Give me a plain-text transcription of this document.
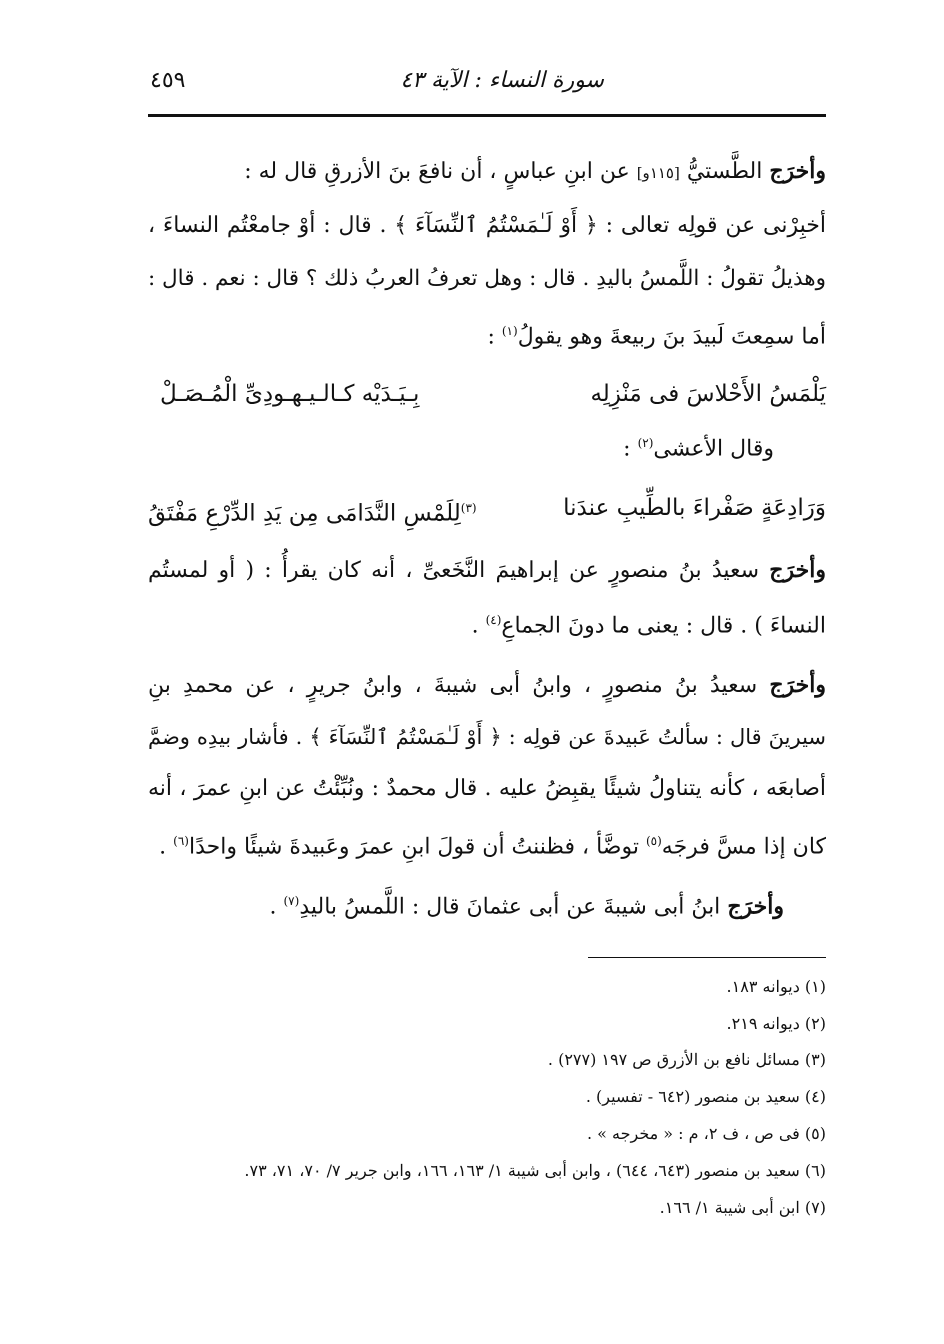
سورة النساء : الآية ٤٣
٤٥٩
وأخرَج الطَّستيُّ [١١٥و] عن ابنِ عباسٍ ، أن نافعَ بنَ الأزرقِ قال له :
أخبِرْنى عن قولِه تعالى : ﴿ أَوْ لَـٰمَسْتُمُ ٱلنِّسَآءَ ﴾ . قال : أوْ جامعْتُم النساءَ ،
وهذيلُ تقولُ : اللَّمسُ باليدِ . قال : وهل تعرفُ العربُ ذلك ؟ قال : نعم . قال :
أما سمِعتَ لَبيدَ بنَ ربيعةَ وهو يقولُ$^{(١)}$ :
يَلْمَسُ الأَحْلاسَ فى مَنْزِلِه
بِـيَـدَيْه كـالـيـهـودِىِّ الْمُـصَـلْ
وقال الأعشى$^{(٢)}$ :
وَرَادِعَةٍ صَفْراءَ بالطِّيبِ عندَنا
$^{(٣)}$لِلَمْسِ النَّدَامَى مِن يَدِ الدِّرْعِ مَفْتَقُ
وأخرَج سعيدُ بنُ منصورٍ عن إبراهيمَ النَّخَعىِّ ، أنه كان يقرأُ : ( أو لمستُم
النساءَ ) . قال : يعنى ما دونَ الجماعِ$^{(٤)}$ .
وأخرَج سعيدُ بنُ منصورٍ ، وابنُ أبى شيبةَ ، وابنُ جريرٍ ، عن محمدِ بنِ
سيرينَ قال : سألتُ عَبيدةَ عن قولِه : ﴿ أَوْ لَـٰمَسْتُمُ ٱلنِّسَآءَ ﴾ . فأشار بيدِه وضمَّ
أصابعَه ، كأنه يتناولُ شيئًا يقبِضُ عليه . قال محمدٌ : ونُبِّئْتُ عن ابنِ عمرَ ، أنه
كان إذا مسَّ فرجَه$^{(٥)}$ توضَّأ ، فظننتُ أن قولَ ابنِ عمرَ وعَبيدةَ شيئًا واحدًا$^{(٦)}$ .
وأخرَج ابنُ أبى شيبةَ عن أبى عثمانَ قال : اللَّمسُ باليدِ$^{(٧)}$ .
(١) ديوانه ١٨٣.
(٢) ديوانه ٢١٩.
(٣) مسائل نافع بن الأزرق ص ١٩٧ (٢٧٧) .
(٤) سعيد بن منصور (٦٤٢ - تفسير) .
(٥) فى ص ، ف ٢، م : « مخرجه » .
(٦) سعيد بن منصور (٦٤٣، ٦٤٤) ، وابن أبى شيبة ١/ ١٦٣، ١٦٦، وابن جرير ٧/ ٧٠، ٧١، ٧٣.
(٧) ابن أبى شيبة ١/ ١٦٦.
